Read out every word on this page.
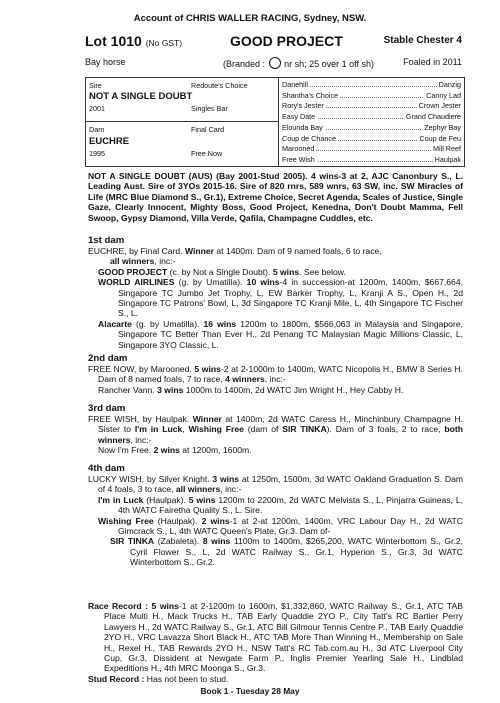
Account of CHRIS WALLER RACING, Sydney, NSW.
Lot 1010 (No GST)	GOOD PROJECT	Stable Chester 4
Bay horse	(Branded : nr sh; 25 over 1 off sh)	Foaled in 2011
Sire	Redoute's Choice
NOT A SINGLE DOUBT
2001	Singles Bar
Dam	Final Card
EUCHRE
1995	Free Now
Danehill	Danzig
Shantha's Choice	Canny Lad
Rory's Jester	Crown Jester
Easy Date	Grand Chaudiere
Elounda Bay	Zephyr Bay
Coup de Chance	Coup de Feu
Marooned	Mill Reef
Free Wish	Haulpak
NOT A SINGLE DOUBT (AUS) (Bay 2001-Stud 2005). 4 wins-3 at 2, AJC Canonbury S., L. Leading Aust. Sire of 3YOs 2015-16. Sire of 820 rnrs, 589 wnrs, 63 SW, inc. SW Miracles of Life (MRC Blue Diamond S., Gr.1), Extreme Choice, Secret Agenda, Scales of Justice, Single Gaze, Clearly Innocent, Mighty Boss, Good Project, Kenedna, Don't Doubt Mamma, Fell Swoop, Gypsy Diamond, Villa Verde, Qafila, Champagne Cuddles, etc.
1st dam
EUCHRE, by Final Card. Winner at 1400m. Dam of 9 named foals, 6 to race,
all winners, inc:-
GOOD PROJECT (c. by Not a Single Doubt). 5 wins. See below.
WORLD AIRLINES (g. by Umatilla). 10 wins-4 in succession-at 1200m, 1400m, $667,664, Singapore TC Jumbo Jet Trophy, L, EW Barker Trophy, L, Kranji A S., Open H., 2d Singapore TC Patrons' Bowl, L, 3d Singapore TC Kranji Mile, L, 4th Singapore TC Fischer S., L.
Alacarte (g. by Umatilla). 16 wins 1200m to 1800m, $566,063 in Malaysia and Singapore, Singapore TC Better Than Ever H., 2d Penang TC Malaysian Magic Millions Classic, L, Singapore 3YO Classic, L.
2nd dam
FREE NOW, by Marooned. 5 wins-2 at 2-1000m to 1400m, WATC Nicopolis H., BMW 8 Series H. Dam of 8 named foals, 7 to race, 4 winners, inc:-
Rancher Vann. 3 wins 1000m to 1400m, 2d WATC Jim Wright H., Hey Cabby H.
3rd dam
FREE WISH, by Haulpak. Winner at 1400m, 2d WATC Caress H., Minchinbury Champagne H. Sister to I'm in Luck, Wishing Free (dam of SIR TINKA). Dam of 3 foals, 2 to race, both winners, inc:-
Now I'm Free. 2 wins at 1200m, 1600m.
4th dam
LUCKY WISH, by Silver Knight. 3 wins at 1250m, 1500m, 3d WATC Oakland Graduation S. Dam of 4 foals, 3 to race, all winners, inc:-
I'm in Luck (Haulpak). 5 wins 1200m to 2200m, 2d WATC Melvista S., L, Pinjarra Guineas, L, 4th WATC Fairetha Quality S., L. Sire.
Wishing Free (Haulpak). 2 wins-1 at 2-at 1200m, 1400m, VRC Labour Day H., 2d WATC Gimcrack S., L, 4th WATC Queen's Plate, Gr.3. Dam of-
SIR TINKA (Zabaleta). 8 wins 1100m to 1400m, $265,200, WATC Winterbottom S., Gr.2, Cyril Flower S., L, 2d WATC Railway S., Gr.1, Hyperion S., Gr.3, 3d WATC Winterbottom S., Gr.2.
Race Record : 5 wins-1 at 2-1200m to 1600m, $1,332,860, WATC Railway S., Gr.1, ATC TAB Place Multi H., Mack Trucks H., TAB Early Quaddie 2YO P., City Tatt's RC Bartier Perry Lawyers H., 2d WATC Railway S., Gr.1, ATC Bill Gilmour Tennis Centre P., TAB Early Quaddie 2YO H., VRC Lavazza Short Black H., ATC TAB More Than Winning H., Membership on Sale H., Rexel H., TAB Rewards 2YO H., NSW Tatt's RC Tab.com.au H., 3d ATC Liverpool City Cup, Gr.3, Dissident at Newgate Farm P., Inglis Premier Yearling Sale H., Lindblad Expeditions H., 4th MRC Moonga S., Gr.3.
Stud Record : Has not been to stud.
Book 1 - Tuesday 28 May
